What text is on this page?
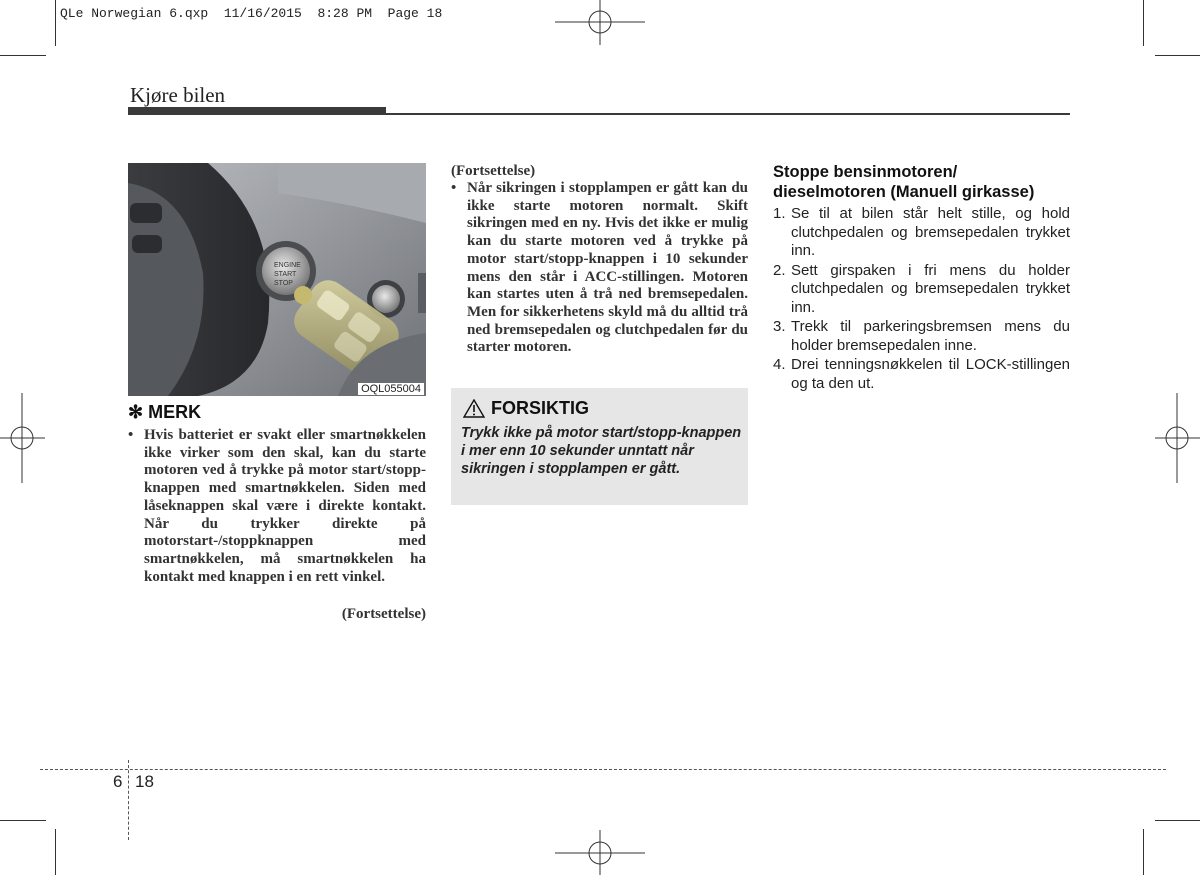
QLe Norwegian 6.qxp  11/16/2015  8:28 PM  Page 18
Kjøre bilen
ENGINE
START
STOP
OQL055004
✻ MERK
• Hvis batteriet er svakt eller smartnøkkelen ikke virker som den skal, kan du starte motoren ved å trykke på motor start/stopp-knappen med smartnøkkelen. Siden med låseknappen skal være i direkte kontakt. Når du trykker direkte på motorstart-/stoppknappen med smartnøkkelen, må smartnøkkelen ha kontakt med knappen i en rett vinkel.
(Fortsettelse)
(Fortsettelse)
• Når sikringen i stopplampen er gått kan du ikke starte motoren normalt. Skift sikringen med en ny. Hvis det ikke er mulig kan du starte motoren ved å trykke på motor start/stopp-knappen i 10 sekunder mens den står i ACC-stillingen. Motoren kan startes uten å trå ned bremsepedalen. Men for sikkerhetens skyld må du alltid trå ned bremsepedalen og clutchpedalen før du starter motoren.
FORSIKTIG

Trykk ikke på motor start/stopp-knappen i mer enn 10 sekunder unntatt når sikringen i stopplampen er gått.

Stoppe bensinmotoren/ dieselmotoren (Manuell girkasse)
1. Se til at bilen står helt stille, og hold clutchpedalen og bremsepedalen trykket inn.
2. Sett girspaken i fri mens du holder clutchpedalen og bremsepedalen trykket inn.
3. Trekk til parkeringsbremsen mens du holder bremsepedalen inne.
4. Drei tenningsnøkkelen til LOCK-stillingen og ta den ut.
6 18
